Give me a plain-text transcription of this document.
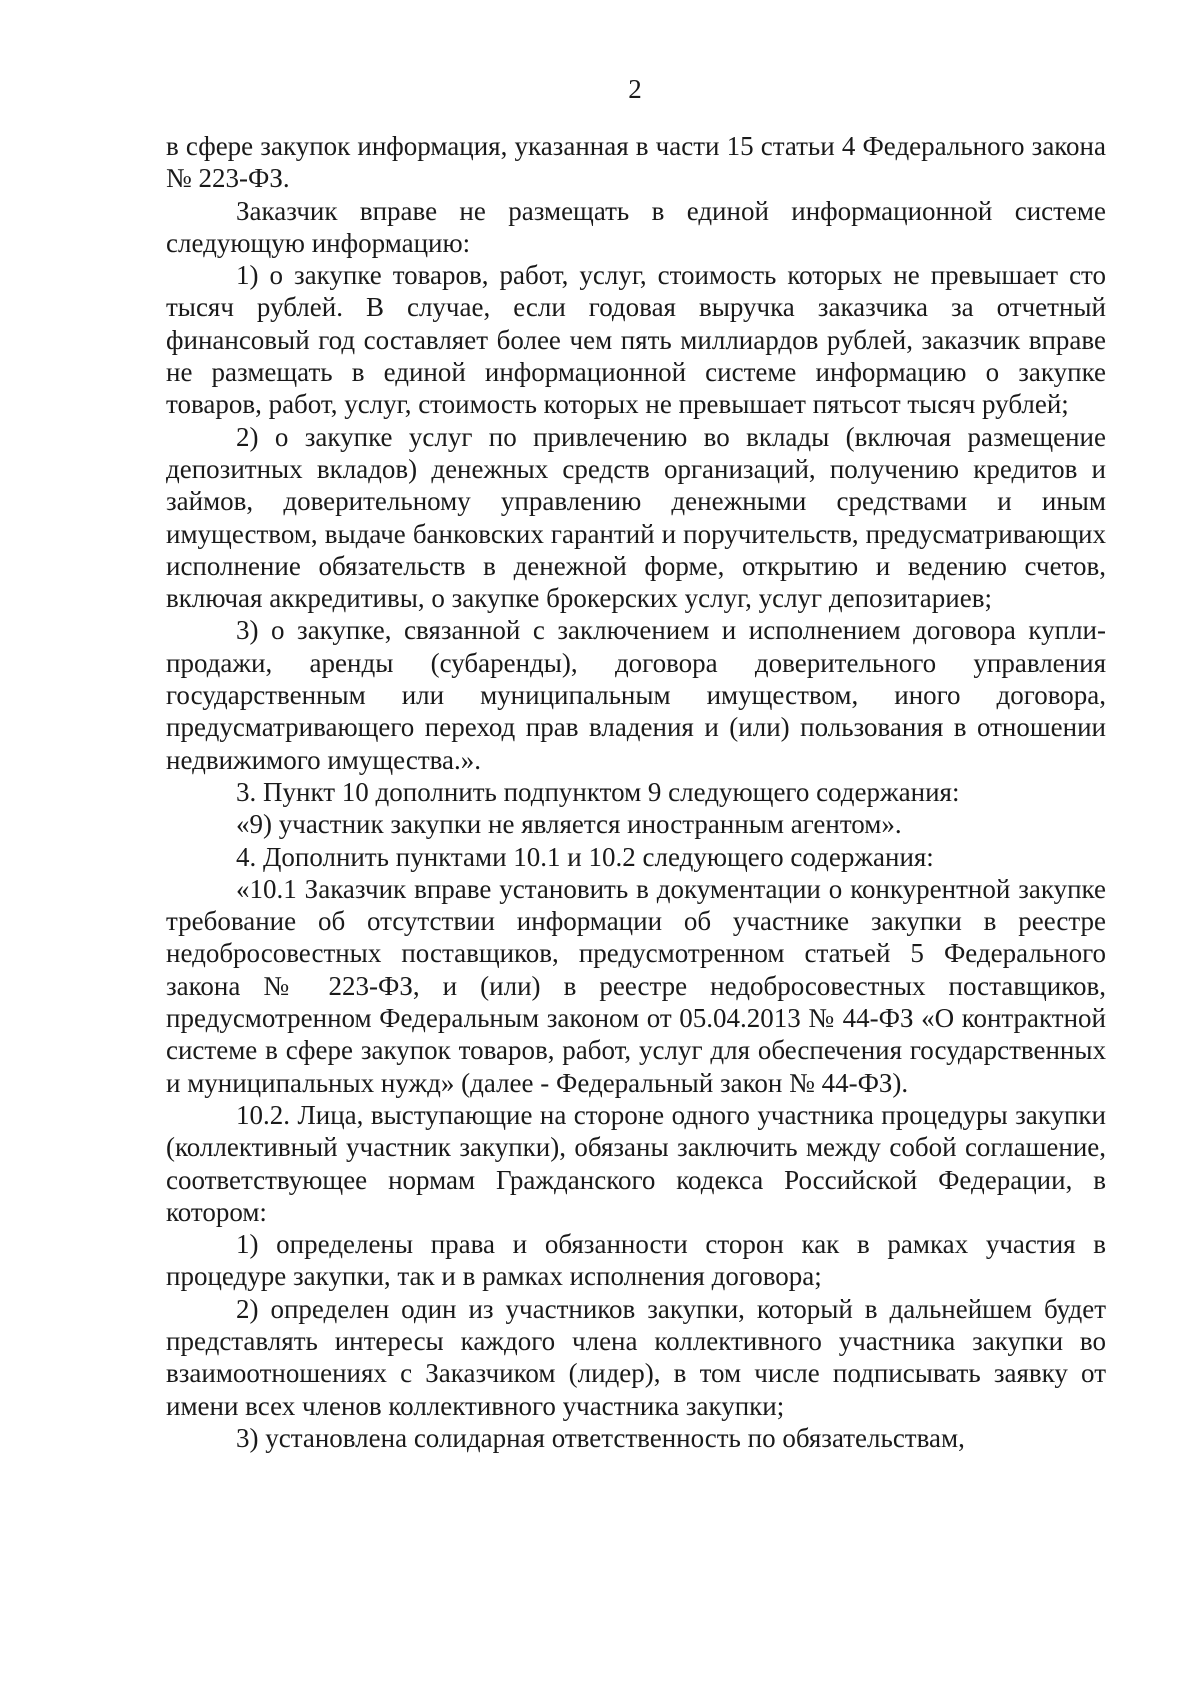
2

в сфере закупок информация, указанная в части 15 статьи 4 Федерального закона № 223-ФЗ.

Заказчик вправе не размещать в единой информационной системе следующую информацию:

1) о закупке товаров, работ, услуг, стоимость которых не превышает сто тысяч рублей. В случае, если годовая выручка заказчика за отчетный финансовый год составляет более чем пять миллиардов рублей, заказчик вправе не размещать в единой информационной системе информацию о закупке товаров, работ, услуг, стоимость которых не превышает пятьсот тысяч рублей;

2) о закупке услуг по привлечению во вклады (включая размещение депозитных вкладов) денежных средств организаций, получению кредитов и займов, доверительному управлению денежными средствами и иным имуществом, выдаче банковских гарантий и поручительств, предусматривающих исполнение обязательств в денежной форме, открытию и ведению счетов, включая аккредитивы, о закупке брокерских услуг, услуг депозитариев;

3) о закупке, связанной с заключением и исполнением договора купли-продажи, аренды (субаренды), договора доверительного управления государственным или муниципальным имуществом, иного договора, предусматривающего переход прав владения и (или) пользования в отношении недвижимого имущества.».

3. Пункт 10 дополнить подпунктом 9 следующего содержания:

«9) участник закупки не является иностранным агентом».

4. Дополнить пунктами 10.1 и 10.2 следующего содержания:

«10.1 Заказчик вправе установить в документации о конкурентной закупке требование об отсутствии информации об участнике закупки в реестре недобросовестных поставщиков, предусмотренном статьей 5 Федерального закона № 223-ФЗ, и (или) в реестре недобросовестных поставщиков, предусмотренном Федеральным законом от 05.04.2013 № 44-ФЗ «О контрактной системе в сфере закупок товаров, работ, услуг для обеспечения государственных и муниципальных нужд» (далее - Федеральный закон № 44-ФЗ).

10.2. Лица, выступающие на стороне одного участника процедуры закупки (коллективный участник закупки), обязаны заключить между собой соглашение, соответствующее нормам Гражданского кодекса Российской Федерации, в котором:

1) определены права и обязанности сторон как в рамках участия в процедуре закупки, так и в рамках исполнения договора;

2) определен один из участников закупки, который в дальнейшем будет представлять интересы каждого члена коллективного участника закупки во взаимоотношениях с Заказчиком (лидер), в том числе подписывать заявку от имени всех членов коллективного участника закупки;

3) установлена солидарная ответственность по обязательствам,
